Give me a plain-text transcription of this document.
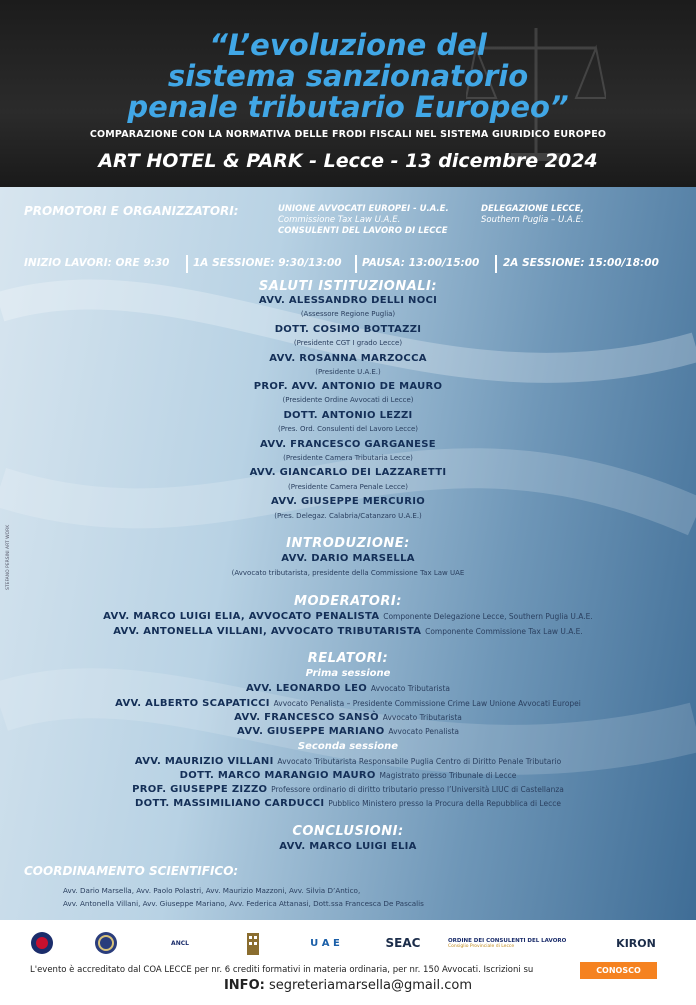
“L’evoluzione del
sistema sanzionatorio
penale tributario Europeo”
COMPARAZIONE CON LA NORMATIVA DELLE FRODI FISCALI NEL SISTEMA GIURIDICO EUROPEO
ART HOTEL & PARK - Lecce - 13 dicembre 2024
PROMOTORI E ORGANIZZATORI:	UNIONE AVVOCATI EUROPEI - U.A.E.
Commissione Tax Law U.A.E.
CONSULENTI DEL LAVORO DI LECCE
DELEGAZIONE LECCE,
Southern Puglia – U.A.E.
INIZIO LAVORI: ORE 9:30 1A SESSIONE: 9:30/13:00 PAUSA: 13:00/15:00 2A SESSIONE: 15:00/18:00
SALUTI ISTITUZIONALI:
AVV. ALESSANDRO DELLI NOCI
(Assessore Regione Puglia)
DOTT. COSIMO BOTTAZZI
(Presidente CGT I grado Lecce)
AVV. ROSANNA MARZOCCA
(Presidente U.A.E.)
PROF. AVV. ANTONIO DE MAURO
(Presidente Ordine Avvocati di Lecce)
DOTT. ANTONIO LEZZI
(Pres. Ord. Consulenti del Lavoro Lecce)
AVV. FRANCESCO GARGANESE
(Presidente Camera Tributaria Lecce)
AVV. GIANCARLO DEI LAZZARETTI
(Presidente Camera Penale Lecce)
AVV. GIUSEPPE MERCURIO
(Pres. Delegaz. Calabria/Catanzaro U.A.E.)
INTRODUZIONE:
AVV. DARIO MARSELLA
(Avvocato tributarista, presidente della Commissione Tax Law UAE
MODERATORI:
AVV. MARCO LUIGI ELIA, AVVOCATO PENALISTA Componente Delegazione Lecce, Southern Puglia U.A.E.
AVV. ANTONELLA VILLANI, AVVOCATO TRIBUTARISTA Componente Commissione Tax Law U.A.E.
RELATORI:
Prima sessione
AVV. LEONARDO LEO Avvocato Tributarista
AVV. ALBERTO SCAPATICCI Avvocato Penalista – Presidente Commissione Crime Law Unione Avvocati Europei
AVV. FRANCESCO SANSÒ Avvocato Tributarista
AVV. GIUSEPPE MARIANO Avvocato Penalista
Seconda sessione
AVV. MAURIZIO VILLANI Avvocato Tributarista Responsabile Puglia Centro di Diritto Penale Tributario
DOTT. MARCO MARANGIO MAURO Magistrato presso Tribunale di Lecce
PROF. GIUSEPPE ZIZZO Professore ordinario di diritto tributario presso l’Università LIUC di Castellanza
DOTT. MASSIMILIANO CARDUCCI Pubblico Ministero presso la Procura della Repubblica di Lecce
CONCLUSIONI:
AVV. MARCO LUIGI ELIA
COORDINAMENTO SCIENTIFICO:
Avv. Dario Marsella, Avv. Paolo Polastri, Avv. Maurizio Mazzoni, Avv. Silvia D’Antico,
Avv. Antonella Villani, Avv. Giuseppe Mariano, Avv. Federica Attanasi, Dott.ssa Francesca De Pascalis
STEFANO PERSINI ART WORK
ANCL	U A E	SEAC	ORDINE DEI CONSULENTI DEL LAVORO
Consiglio Provinciale di Lecce	KIRON
L'evento è accreditato dal COA LECCE per nr. 6 crediti formativi in materia ordinaria, per nr. 150 Avvocati. Iscrizioni su	CONOSCO
INFO: segreteriamarsella@gmail.com
